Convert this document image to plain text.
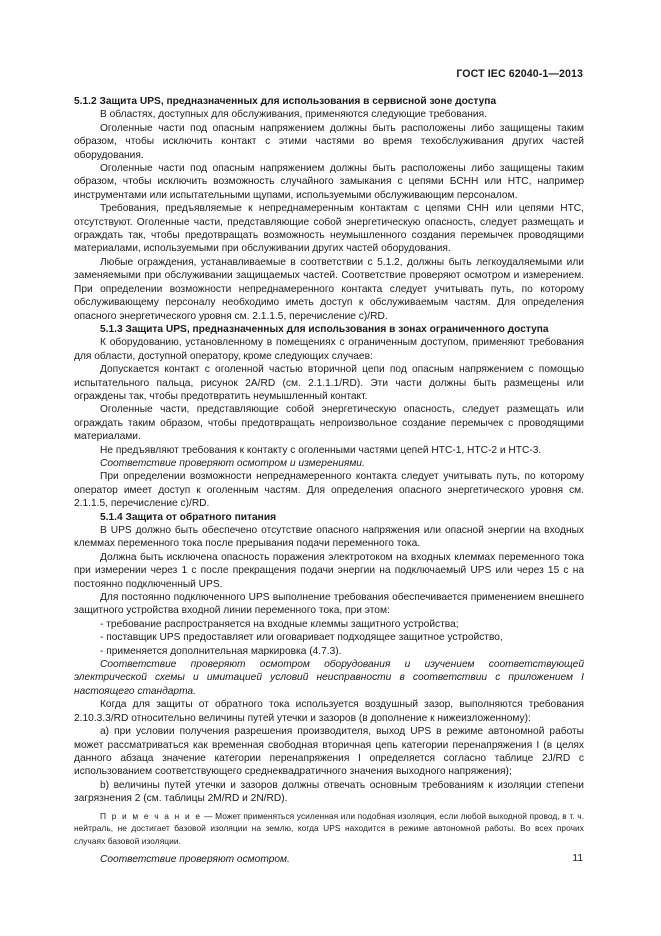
ГОСТ IEC 62040-1—2013

5.1.2 Защита UPS, предназначенных для использования в сервисной зоне доступа

В областях, доступных для обслуживания, применяются следующие требования.

Оголенные части под опасным напряжением должны быть расположены либо защищены таким образом, чтобы исключить контакт с этими частями во время техобслуживания других частей оборудования.

Оголенные части под опасным напряжением должны быть расположены либо защищены таким образом, чтобы исключить возможность случайного замыкания с цепями БСНН или НТС, например инструментами или испытательными щупами, используемыми обслуживающим персоналом.

Требования, предъявляемые к непреднамеренным контактам с цепями СНН или цепями НТС, отсутствуют. Оголенные части, представляющие собой энергетическую опасность, следует размещать и ограждать так, чтобы предотвращать возможность неумышленного создания перемычек проводящими материалами, используемыми при обслуживании других частей оборудования.

Любые ограждения, устанавливаемые в соответствии с 5.1.2, должны быть легкоудаляемыми или заменяемыми при обслуживании защищаемых частей. Соответствие проверяют осмотром и измерением. При определении возможности непреднамеренного контакта следует учитывать путь, по которому обслуживающему персоналу необходимо иметь доступ к обслуживаемым частям. Для определения опасного энергетического уровня см. 2.1.1.5, перечисление с)/RD.

5.1.3 Защита UPS, предназначенных для использования в зонах ограниченного доступа

К оборудованию, установленному в помещениях с ограниченным доступом, применяют требования для области, доступной оператору, кроме следующих случаев:

Допускается контакт с оголенной частью вторичной цепи под опасным напряжением с помощью испытательного пальца, рисунок 2A/RD (см. 2.1.1.1/RD). Эти части должны быть размещены или ограждены так, чтобы предотвратить неумышленный контакт.

Оголенные части, представляющие собой энергетическую опасность, следует размещать или ограждать таким образом, чтобы предотвращать непроизвольное создание перемычек с проводящими материалами.

Не предъявляют требования к контакту с оголенными частями цепей НТС-1, НТС-2 и НТС-3.

Соответствие проверяют осмотром и измерениями.

При определении возможности непреднамеренного контакта следует учитывать путь, по которому оператор имеет доступ к оголенным частям. Для определения опасного энергетического уровня см. 2.1.1.5, перечисление с)/RD.

5.1.4 Защита от обратного питания

В UPS должно быть обеспечено отсутствие опасного напряжения или опасной энергии на входных клеммах переменного тока после прерывания подачи переменного тока.

Должна быть исключена опасность поражения электротоком на входных клеммах переменного тока при измерении через 1 с после прекращения подачи энергии на подключаемый UPS или через 15 с на постоянно подключенный UPS.

Для постоянно подключенного UPS выполнение требования обеспечивается применением внешнего защитного устройства входной линии переменного тока, при этом:

- требование распространяется на входные клеммы защитного устройства;

- поставщик UPS предоставляет или оговаривает подходящее защитное устройство,

- применяется дополнительная маркировка (4.7.3).

Соответствие проверяют осмотром оборудования и изучением соответствующей электрической схемы и имитацией условий неисправности в соответствии с приложением I настоящего стандарта.

Когда для защиты от обратного тока используется воздушный зазор, выполняются требования 2.10.3.3/RD относительно величины путей утечки и зазоров (в дополнение к нижеизложенному):

a) при условии получения разрешения производителя, выход UPS в режиме автономной работы может рассматриваться как временная свободная вторичная цепь категории перенапряжения I (в целях данного абзаца значение категории перенапряжения I определяется согласно таблице 2J/RD с использованием соответствующего среднеквадратичного значения выходного напряжения);

b) величины путей утечки и зазоров должны отвечать основным требованиям к изоляции степени загрязнения 2 (см. таблицы 2M/RD и 2N/RD).

П р и м е ч а н и е — Может применяться усиленная или подобная изоляция, если любой выходной провод, в т. ч. нейтраль, не достигает базовой изоляции на землю, когда UPS находится в режиме автономной работы. Во всех прочих случаях базовой изоляции.

Соответствие проверяют осмотром.	11
